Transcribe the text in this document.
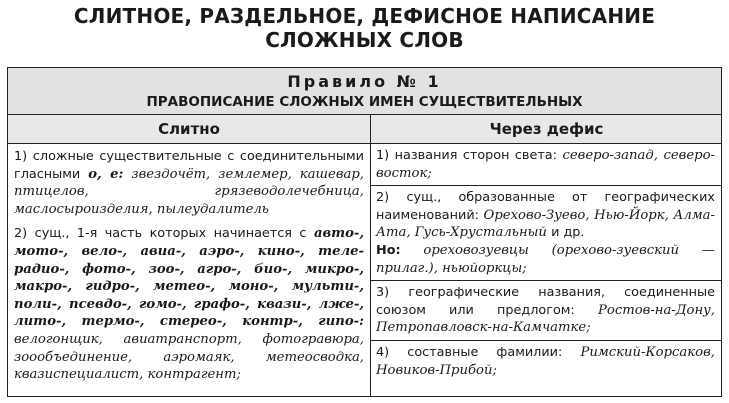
СЛИТНОЕ, РАЗДЕЛЬНОЕ, ДЕФИСНОЕ НАПИСАНИЕ
СЛОЖНЫХ СЛОВ
Правило № 1
ПРАВОПИСАНИЕ СЛОЖНЫХ ИМЕН СУЩЕСТВИТЕЛЬНЫХ
Слитно	Через дефис
1) сложные существительные с соединительными гласными о, е: звездочёт, землемер, кашевар, птицелов, грязеводолечебница, маслосыроизделия, пылеудалитель
2) сущ., 1-я часть которых начинается с авто-, мото-, вело-, авиа-, аэро-, кино-, теле- радио-, фото-, зоо-, агро-, био-, микро-, макро-, гидро-, метео-, моно-, мульти-, поли-, псевдо-, гомо-, графо-, квази-, лже-, лито-, термо-, стерео-, контр-, гипо-: велогонщик, авиатранспорт, фотогравюра, зоообъединение, аэромаяк, метеосводка, квазиспециалист, контрагент;
1) названия сторон света: северо-запад, северо-восток;
2) сущ., образованные от географических наименований: Орехово-Зуево, Нью-Йорк, Алма-Ата, Гусь-Хрустальный и др.
Но: ореховозуевцы (орехово-зуевский — прилаг.), ньюйоркцы;
3) географические названия, соединенные союзом или предлогом: Ростов-на-Дону, Петропавловск-на-Камчатке;
4) составные фамилии: Римский-Корсаков, Новиков-Прибой;
